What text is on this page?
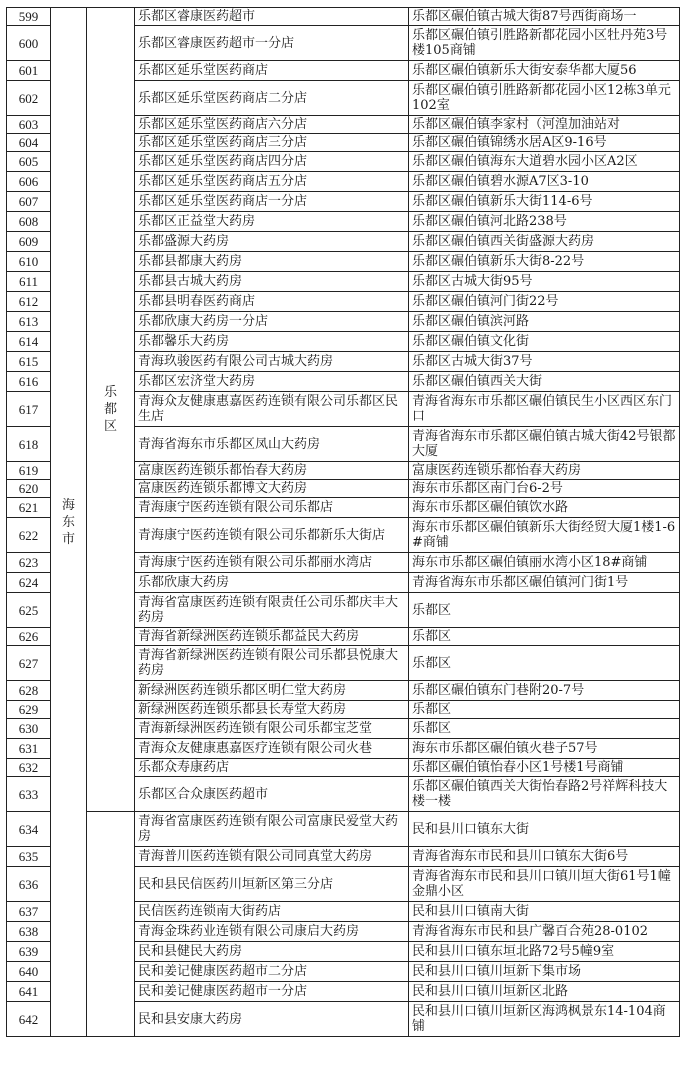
599	海东市	乐都区	乐都区睿康医药超市	乐都区碾伯镇古城大街87号西街商场一
600			乐都区睿康医药超市一分店	乐都区碾伯镇引胜路新都花园小区牡丹苑3号楼105商铺
601			乐都区延乐堂医药商店	乐都区碾伯镇新乐大街安泰华都大厦56
602			乐都区延乐堂医药商店二分店	乐都区碾伯镇引胜路新都花园小区12栋3单元102室
603			乐都区延乐堂医药商店六分店	乐都区碾伯镇李家村（河湟加油站对
604			乐都区延乐堂医药商店三分店	乐都区碾伯镇锦绣水居A区9-16号
605			乐都区延乐堂医药商店四分店	乐都区碾伯镇海东大道碧水园小区A2区
606			乐都区延乐堂医药商店五分店	乐都区碾伯镇碧水源A7区3-10
607			乐都区延乐堂医药商店一分店	乐都区碾伯镇新乐大街114-6号
608			乐都区正益堂大药房	乐都区碾伯镇河北路238号
609			乐都盛源大药房	乐都区碾伯镇西关街盛源大药房
610			乐都县都康大药房	乐都区碾伯镇新乐大街8-22号
611			乐都县古城大药房	乐都区古城大街95号
612			乐都县明春医药商店	乐都区碾伯镇河门街22号
613			乐都欣康大药房一分店	乐都区碾伯镇滨河路
614			乐都馨乐大药房	乐都区碾伯镇文化街
615			青海玖骏医药有限公司古城大药房	乐都区古城大街37号
616			乐都区宏济堂大药房	乐都区碾伯镇西关大街
617			青海众友健康惠嘉医药连锁有限公司乐都区民生店	青海省海东市乐都区碾伯镇民生小区西区东门口
618			青海省海东市乐都区凤山大药房	青海省海东市乐都区碾伯镇古城大街42号银都大厦
619			富康医药连锁乐都怡春大药房	富康医药连锁乐都怡春大药房
620			富康医药连锁乐都博文大药房	海东市乐都区南门台6-2号
621			青海康宁医药连锁有限公司乐都店	海东市乐都区碾伯镇饮水路
622			青海康宁医药连锁有限公司乐都新乐大街店	海东市乐都区碾伯镇新乐大街经贸大厦1楼1-6#商铺
623			青海康宁医药连锁有限公司乐都丽水湾店	海东市乐都区碾伯镇丽水湾小区18#商铺
624			乐都欣康大药房	青海省海东市乐都区碾伯镇河门街1号
625			青海省富康医药连锁有限责任公司乐都庆丰大药房	乐都区
626			青海省新绿洲医药连锁乐都益民大药房	乐都区
627			青海省新绿洲医药连锁有限公司乐都县悦康大药房	乐都区
628			新绿洲医药连锁乐都区明仁堂大药房	乐都区碾伯镇东门巷附20-7号
629			新绿洲医药连锁乐都县长寿堂大药房	乐都区
630			青海新绿洲医药连锁有限公司乐都宝芝堂	乐都区
631			青海众友健康惠嘉医疗连锁有限公司火巷	海东市乐都区碾伯镇火巷子57号
632			乐都众寿康药店	乐都区碾伯镇怡春小区1号楼1号商铺
633			乐都区合众康医药超市	乐都区碾伯镇西关大街怡春路2号祥辉科技大楼一楼
634			青海省富康医药连锁有限公司富康民爱堂大药房	民和县川口镇东大街
635			青海普川医药连锁有限公司同真堂大药房	青海省海东市民和县川口镇东大街6号
636			民和县民信医药川垣新区第三分店	青海省海东市民和县川口镇川垣大街61号1幢金鼎小区
637			民信医药连锁南大街药店	民和县川口镇南大街
638			青海金珠药业连锁有限公司康启大药房	青海省海东市民和县广馨百合苑28-0102
639			民和县健民大药房	民和县川口镇东垣北路72号5幢9室
640			民和姜记健康医药超市二分店	民和县川口镇川垣新下集市场
641			民和姜记健康医药超市一分店	民和县川口镇川垣新区北路
642			民和县安康大药房	民和县川口镇川垣新区海鸿枫景东14-104商铺
